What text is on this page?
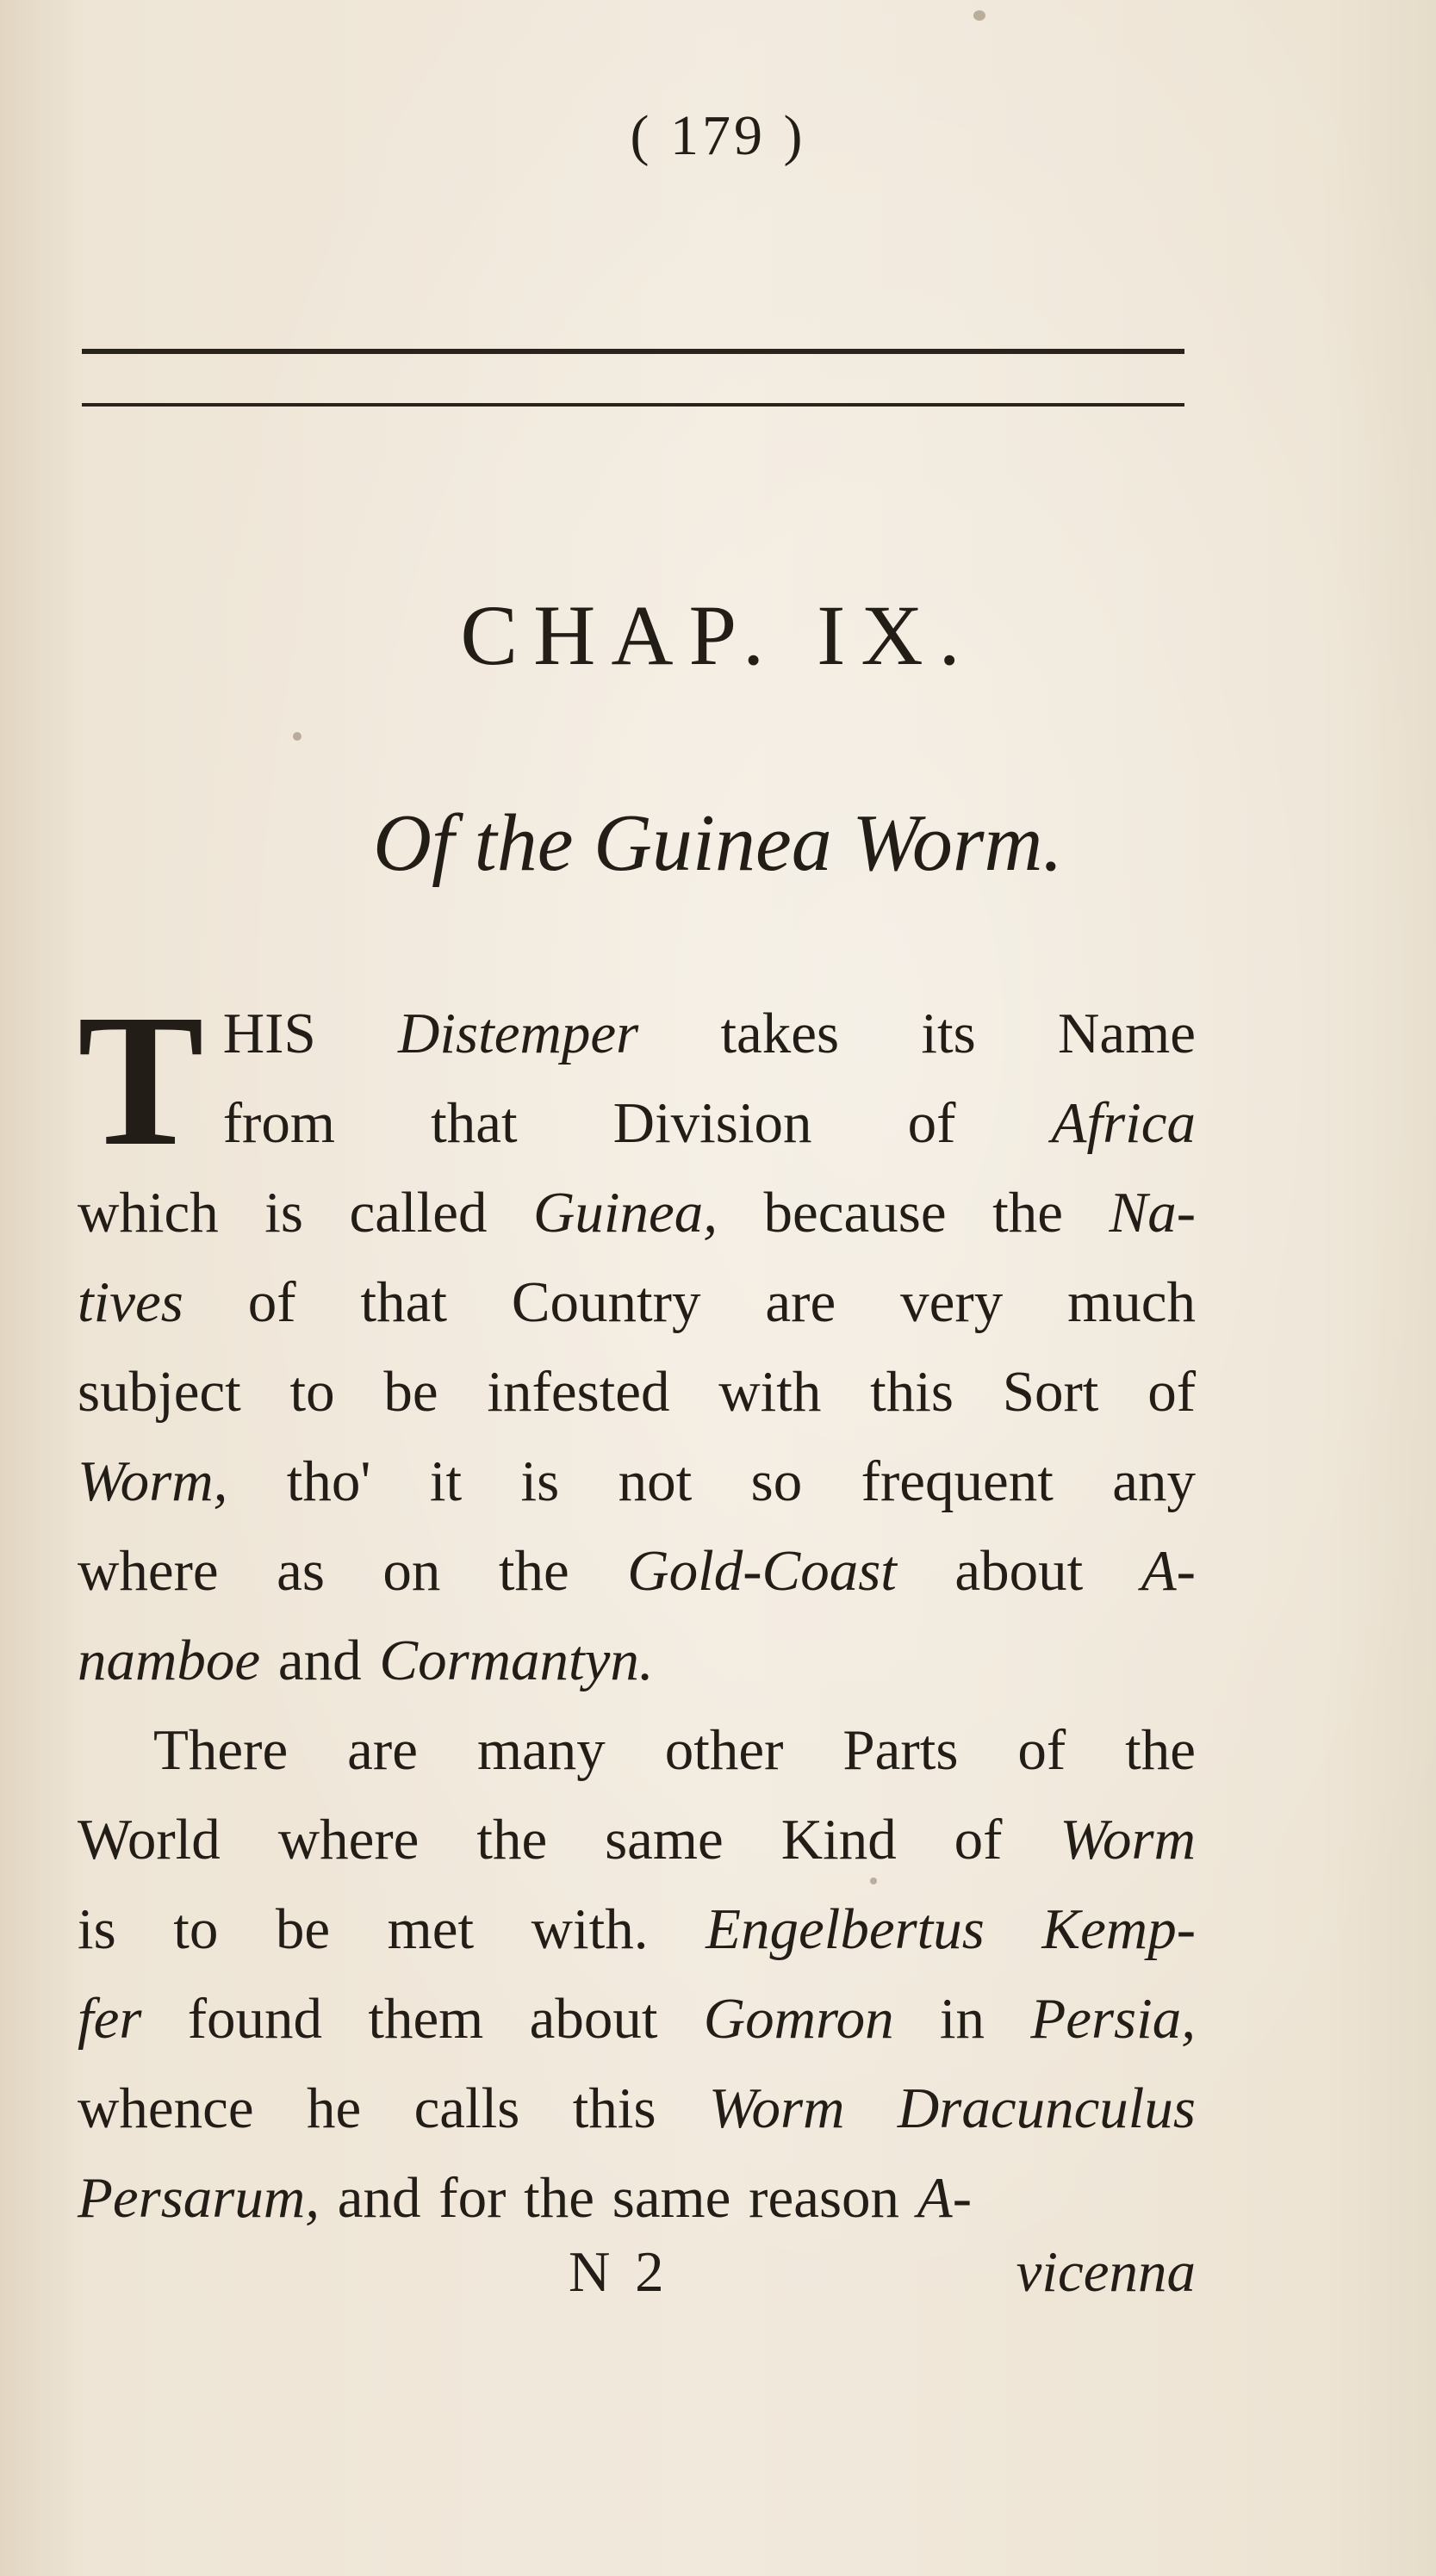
( 179 )
CHAP. IX.
Of the Guinea Worm.
T HIS Distemper takes its Name
from that Division of Africa
which is called Guinea, because the Na-
tives of that Country are very much
subject to be infested with this Sort of
Worm, tho' it is not so frequent any
where as on the Gold-Coast about A-
namboe and Cormantyn.
There are many other Parts of the
World where the same Kind of Worm
is to be met with. Engelbertus Kemp-
fer found them about Gomron in Persia,
whence he calls this Worm Dracunculus
Persarum, and for the same reason A-
N 2	vicenna
